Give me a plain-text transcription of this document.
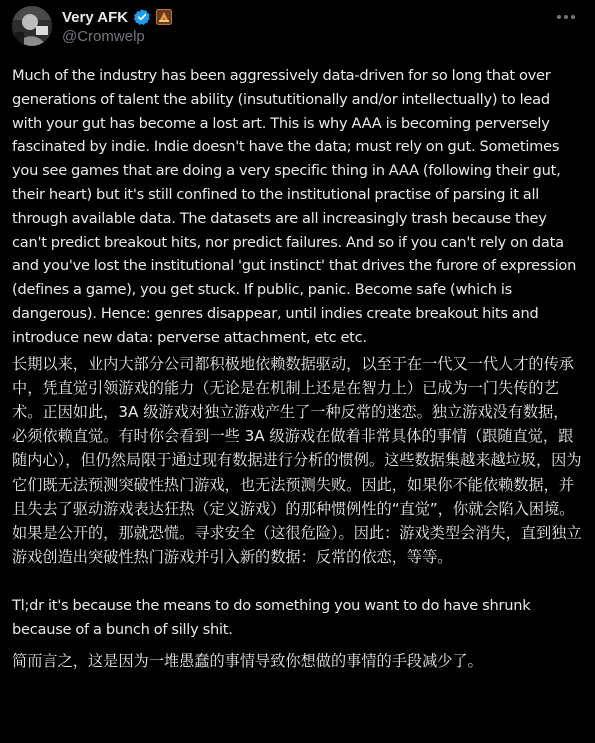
Very AFK
@Cromwelp

Much of the industry has been aggressively data-driven for so long that over generations of talent the ability (insututitionally and/or intellectually) to lead with your gut has become a lost art. This is why AAA is becoming perversely fascinated by indie. Indie doesn't have the data; must rely on gut. Sometimes you see games that are doing a very specific thing in AAA (following their gut, their heart) but it's still confined to the institutional practise of parsing it all through available data. The datasets are all increasingly trash because they can't predict breakout hits, nor predict failures. And so if you can't rely on data and you've lost the institutional 'gut instinct' that drives the furore of expression (defines a game), you get stuck. If public, panic. Become safe (which is dangerous). Hence: genres disappear, until indies create breakout hits and introduce new data: perverse attachment, etc etc.

长期以来，业内大部分公司都积极地依赖数据驱动，以至于在一代又一代人才的传承中，凭直觉引领游戏的能力（无论是在机制上还是在智力上）已成为一门失传的艺术。正因如此，3A 级游戏对独立游戏产生了一种反常的迷恋。独立游戏没有数据，必须依赖直觉。有时你会看到一些 3A 级游戏在做着非常具体的事情（跟随直觉，跟随内心），但仍然局限于通过现有数据进行分析的惯例。这些数据集越来越垃圾，因为它们既无法预测突破性热门游戏，也无法预测失败。因此，如果你不能依赖数据，并且失去了驱动游戏表达狂热（定义游戏）的那种惯例性的“直觉”，你就会陷入困境。如果是公开的，那就恐慌。寻求安全（这很危险）。因此：游戏类型会消失，直到独立游戏创造出突破性热门游戏并引入新的数据：反常的依恋，等等。

Tl;dr it's because the means to do something you want to do have shrunk because of a bunch of silly shit.

简而言之，这是因为一堆愚蠢的事情导致你想做的事情的手段减少了。
